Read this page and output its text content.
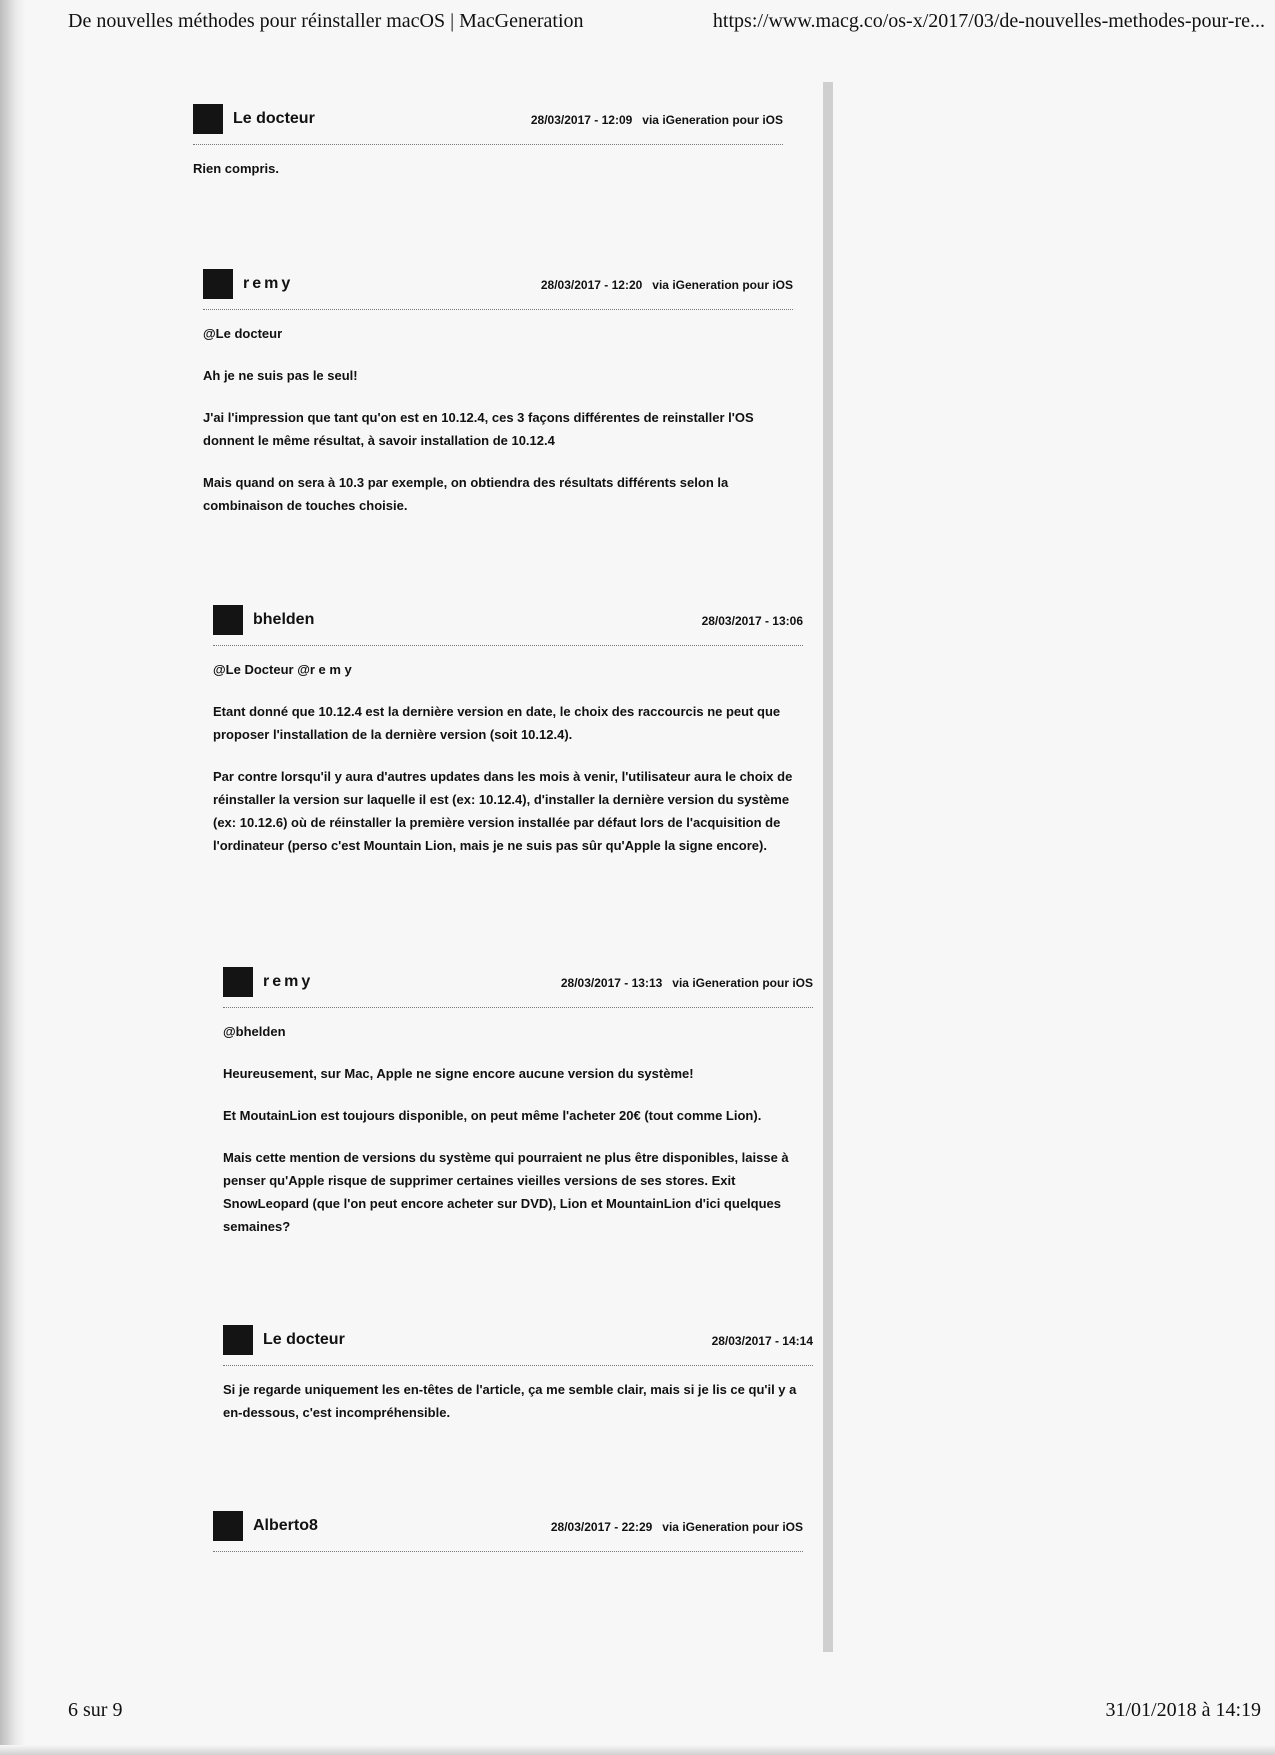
De nouvelles méthodes pour réinstaller macOS | MacGeneration	https://www.macg.co/os-x/2017/03/de-nouvelles-methodes-pour-re...
Le docteur	28/03/2017 - 12:09 via iGeneration pour iOS

Rien compris.

remy	28/03/2017 - 12:20 via iGeneration pour iOS

@Le docteur

Ah je ne suis pas le seul!

J'ai l'impression que tant qu'on est en 10.12.4, ces 3 façons différentes de reinstaller l'OS donnent le même résultat, à savoir installation de 10.12.4

Mais quand on sera à 10.3 par exemple, on obtiendra des résultats différents selon la combinaison de touches choisie.

bhelden	28/03/2017 - 13:06

@Le Docteur @r e m y

Etant donné que 10.12.4 est la dernière version en date, le choix des raccourcis ne peut que proposer l'installation de la dernière version (soit 10.12.4).

Par contre lorsqu'il y aura d'autres updates dans les mois à venir, l'utilisateur aura le choix de réinstaller la version sur laquelle il est (ex: 10.12.4), d'installer la dernière version du système (ex: 10.12.6) où de réinstaller la première version installée par défaut lors de l'acquisition de l'ordinateur (perso c'est Mountain Lion, mais je ne suis pas sûr qu'Apple la signe encore).

remy	28/03/2017 - 13:13 via iGeneration pour iOS

@bhelden

Heureusement, sur Mac, Apple ne signe encore aucune version du système!

Et MoutainLion est toujours disponible, on peut même l'acheter 20€ (tout comme Lion).

Mais cette mention de versions du système qui pourraient ne plus être disponibles, laisse à penser qu'Apple risque de supprimer certaines vieilles versions de ses stores. Exit SnowLeopard (que l'on peut encore acheter sur DVD), Lion et MountainLion d'ici quelques semaines?

Le docteur	28/03/2017 - 14:14

Si je regarde uniquement les en-têtes de l'article, ça me semble clair, mais si je lis ce qu'il y a en-dessous, c'est incompréhensible.

Alberto8	28/03/2017 - 22:29 via iGeneration pour iOS
6 sur 9	31/01/2018 à 14:19
